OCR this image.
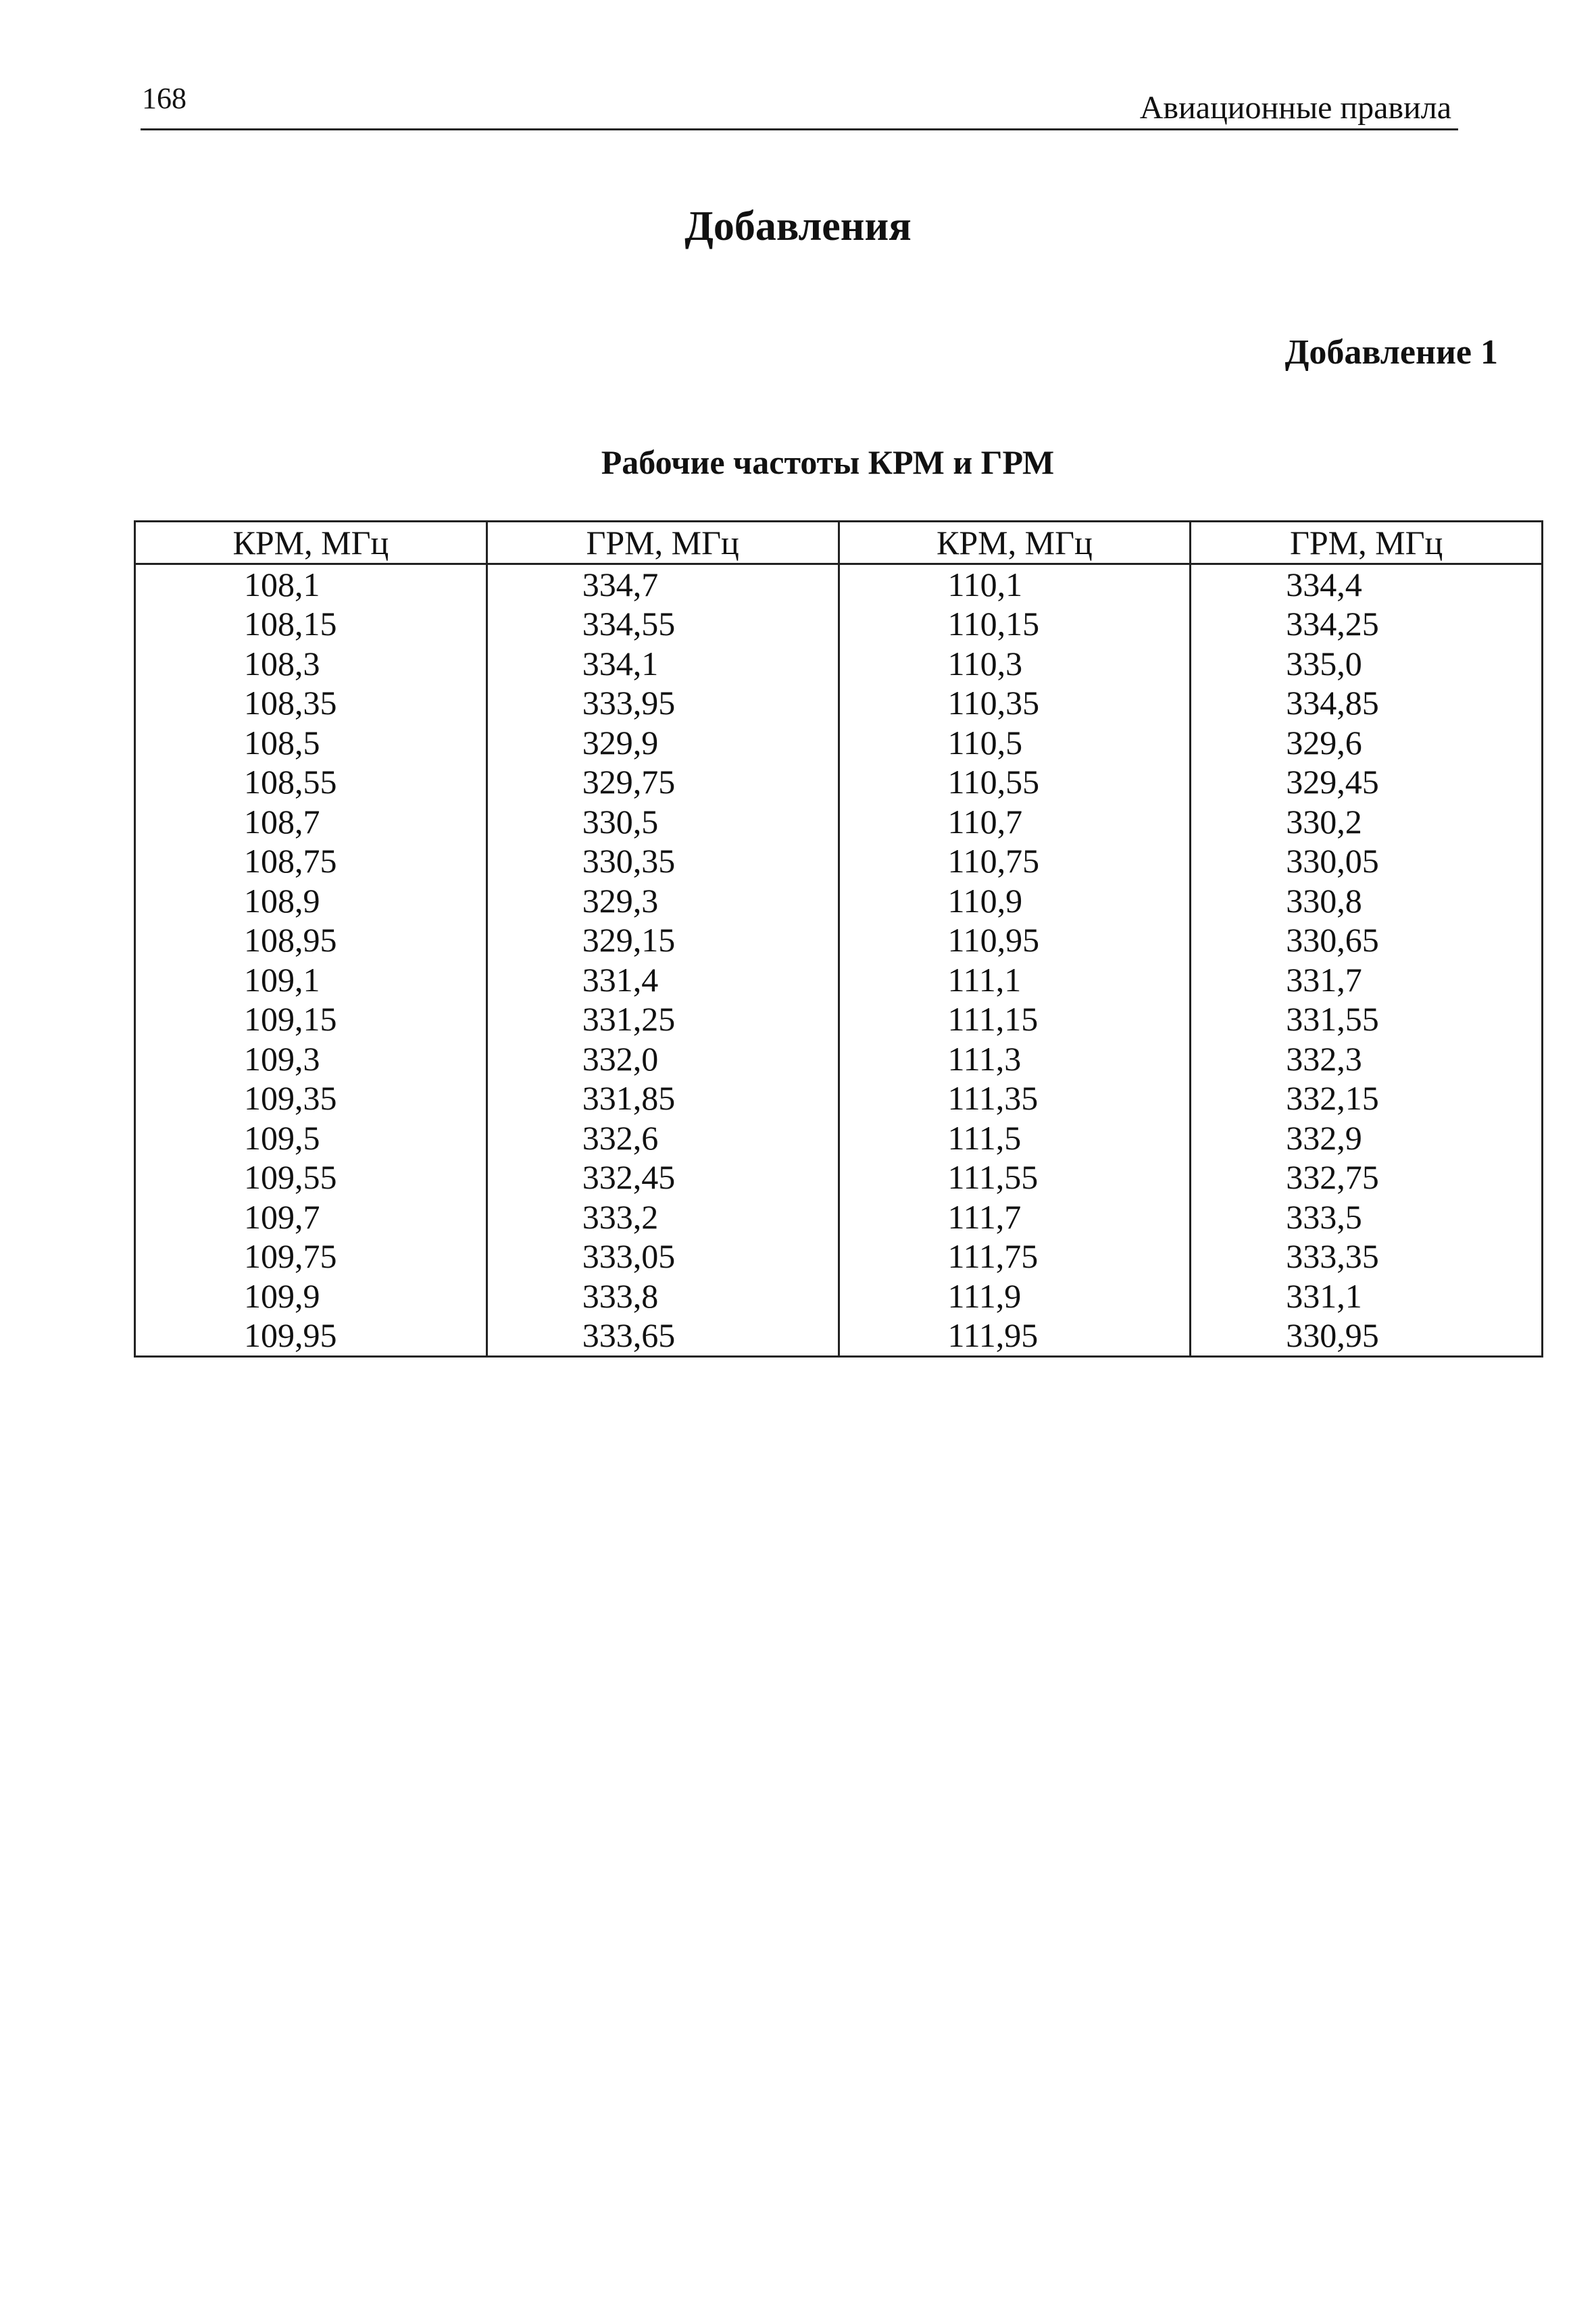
168	Авиационные правила
Добавления
Добавление 1
Рабочие частоты КРМ и ГРМ
КРМ, МГц	ГРМ, МГц	КРМ, МГц	ГРМ, МГц
108,1	334,7	110,1	334,4
108,15	334,55	110,15	334,25
108,3	334,1	110,3	335,0
108,35	333,95	110,35	334,85
108,5	329,9	110,5	329,6
108,55	329,75	110,55	329,45
108,7	330,5	110,7	330,2
108,75	330,35	110,75	330,05
108,9	329,3	110,9	330,8
108,95	329,15	110,95	330,65
109,1	331,4	111,1	331,7
109,15	331,25	111,15	331,55
109,3	332,0	111,3	332,3
109,35	331,85	111,35	332,15
109,5	332,6	111,5	332,9
109,55	332,45	111,55	332,75
109,7	333,2	111,7	333,5
109,75	333,05	111,75	333,35
109,9	333,8	111,9	331,1
109,95	333,65	111,95	330,95
